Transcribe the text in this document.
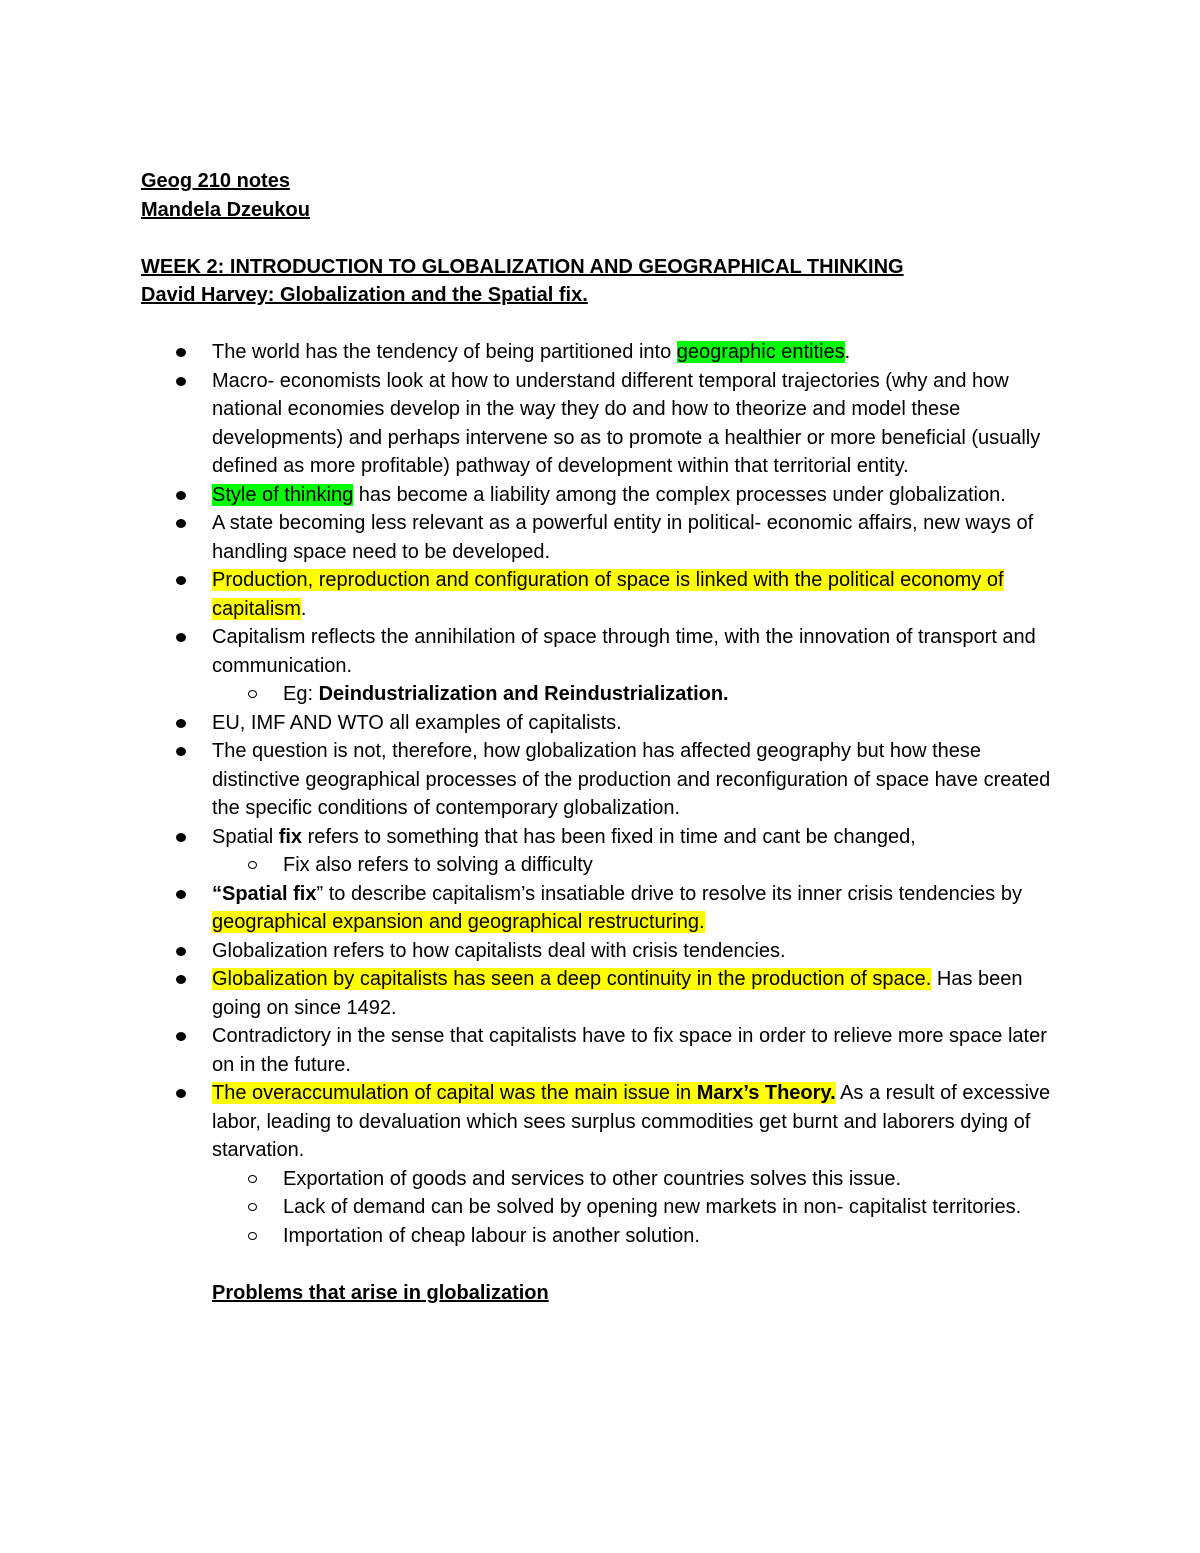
Geog 210 notes

Mandela Dzeukou

WEEK 2: INTRODUCTION TO GLOBALIZATION AND GEOGRAPHICAL THINKING

David Harvey: Globalization and the Spatial fix.

The world has the tendency of being partitioned into geographic entities.
Macro- economists look at how to understand different temporal trajectories (why and how national economies develop in the way they do and how to theorize and model these developments) and perhaps intervene so as to promote a healthier or more beneficial (usually defined as more profitable) pathway of development within that territorial entity.
Style of thinking has become a liability among the complex processes under globalization.
A state becoming less relevant as a powerful entity in political- economic affairs, new ways of handling space need to be developed.
Production, reproduction and configuration of space is linked with the political economy of capitalism.
Capitalism reflects the annihilation of space through time, with the innovation of transport and communication.
Eg: Deindustrialization and Reindustrialization.
EU, IMF AND WTO all examples of capitalists.
The question is not, therefore, how globalization has affected geography but how these distinctive geographical processes of the production and reconfiguration of space have created the specific conditions of contemporary globalization.
Spatial fix refers to something that has been fixed in time and cant be changed,
Fix also refers to solving a difficulty
“Spatial fix” to describe capitalism’s insatiable drive to resolve its inner crisis tendencies by geographical expansion and geographical restructuring.
Globalization refers to how capitalists deal with crisis tendencies.
Globalization by capitalists has seen a deep continuity in the production of space. Has been going on since 1492.
Contradictory in the sense that capitalists have to fix space in order to relieve more space later on in the future.
The overaccumulation of capital was the main issue in Marx’s Theory. As a result of excessive labor, leading to devaluation which sees surplus commodities get burnt and laborers dying of starvation.
Exportation of goods and services to other countries solves this issue.
Lack of demand can be solved by opening new markets in non- capitalist territories.
Importation of cheap labour is another solution.

Problems that arise in globalization
